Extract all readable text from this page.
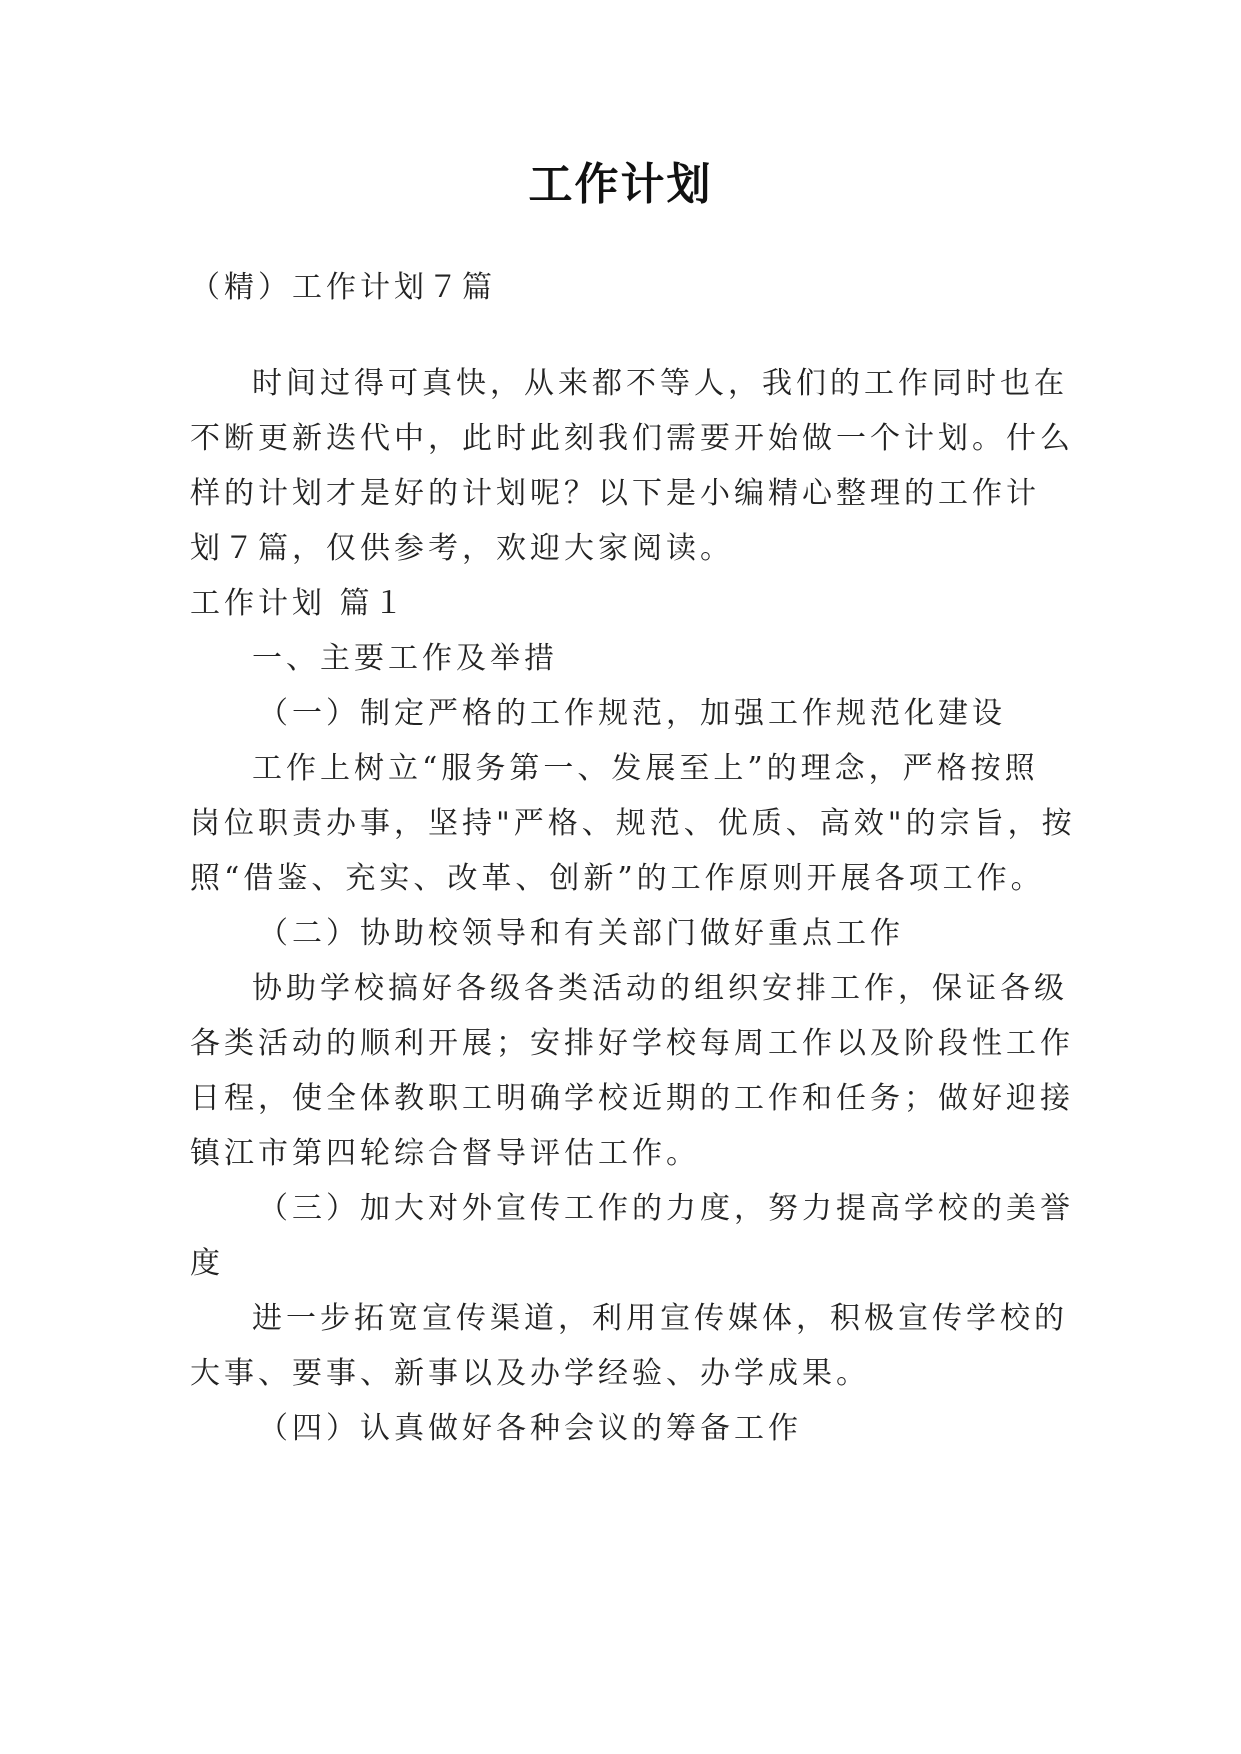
工作计划
（精）工作计划７篇
时间过得可真快，从来都不等人，我们的工作同时也在
不断更新迭代中，此时此刻我们需要开始做一个计划。什么
样的计划才是好的计划呢？以下是小编精心整理的工作计
划７篇，仅供参考，欢迎大家阅读。
工作计划 篇１
一、主要工作及举措
（一）制定严格的工作规范，加强工作规范化建设
工作上树立“服务第一、发展至上”的理念，严格按照
岗位职责办事，坚持"严格、规范、优质、高效"的宗旨，按
照“借鉴、充实、改革、创新”的工作原则开展各项工作。
（二）协助校领导和有关部门做好重点工作
协助学校搞好各级各类活动的组织安排工作，保证各级
各类活动的顺利开展；安排好学校每周工作以及阶段性工作
日程，使全体教职工明确学校近期的工作和任务；做好迎接
镇江市第四轮综合督导评估工作。
（三）加大对外宣传工作的力度，努力提高学校的美誉
度
进一步拓宽宣传渠道，利用宣传媒体，积极宣传学校的
大事、要事、新事以及办学经验、办学成果。
（四）认真做好各种会议的筹备工作
